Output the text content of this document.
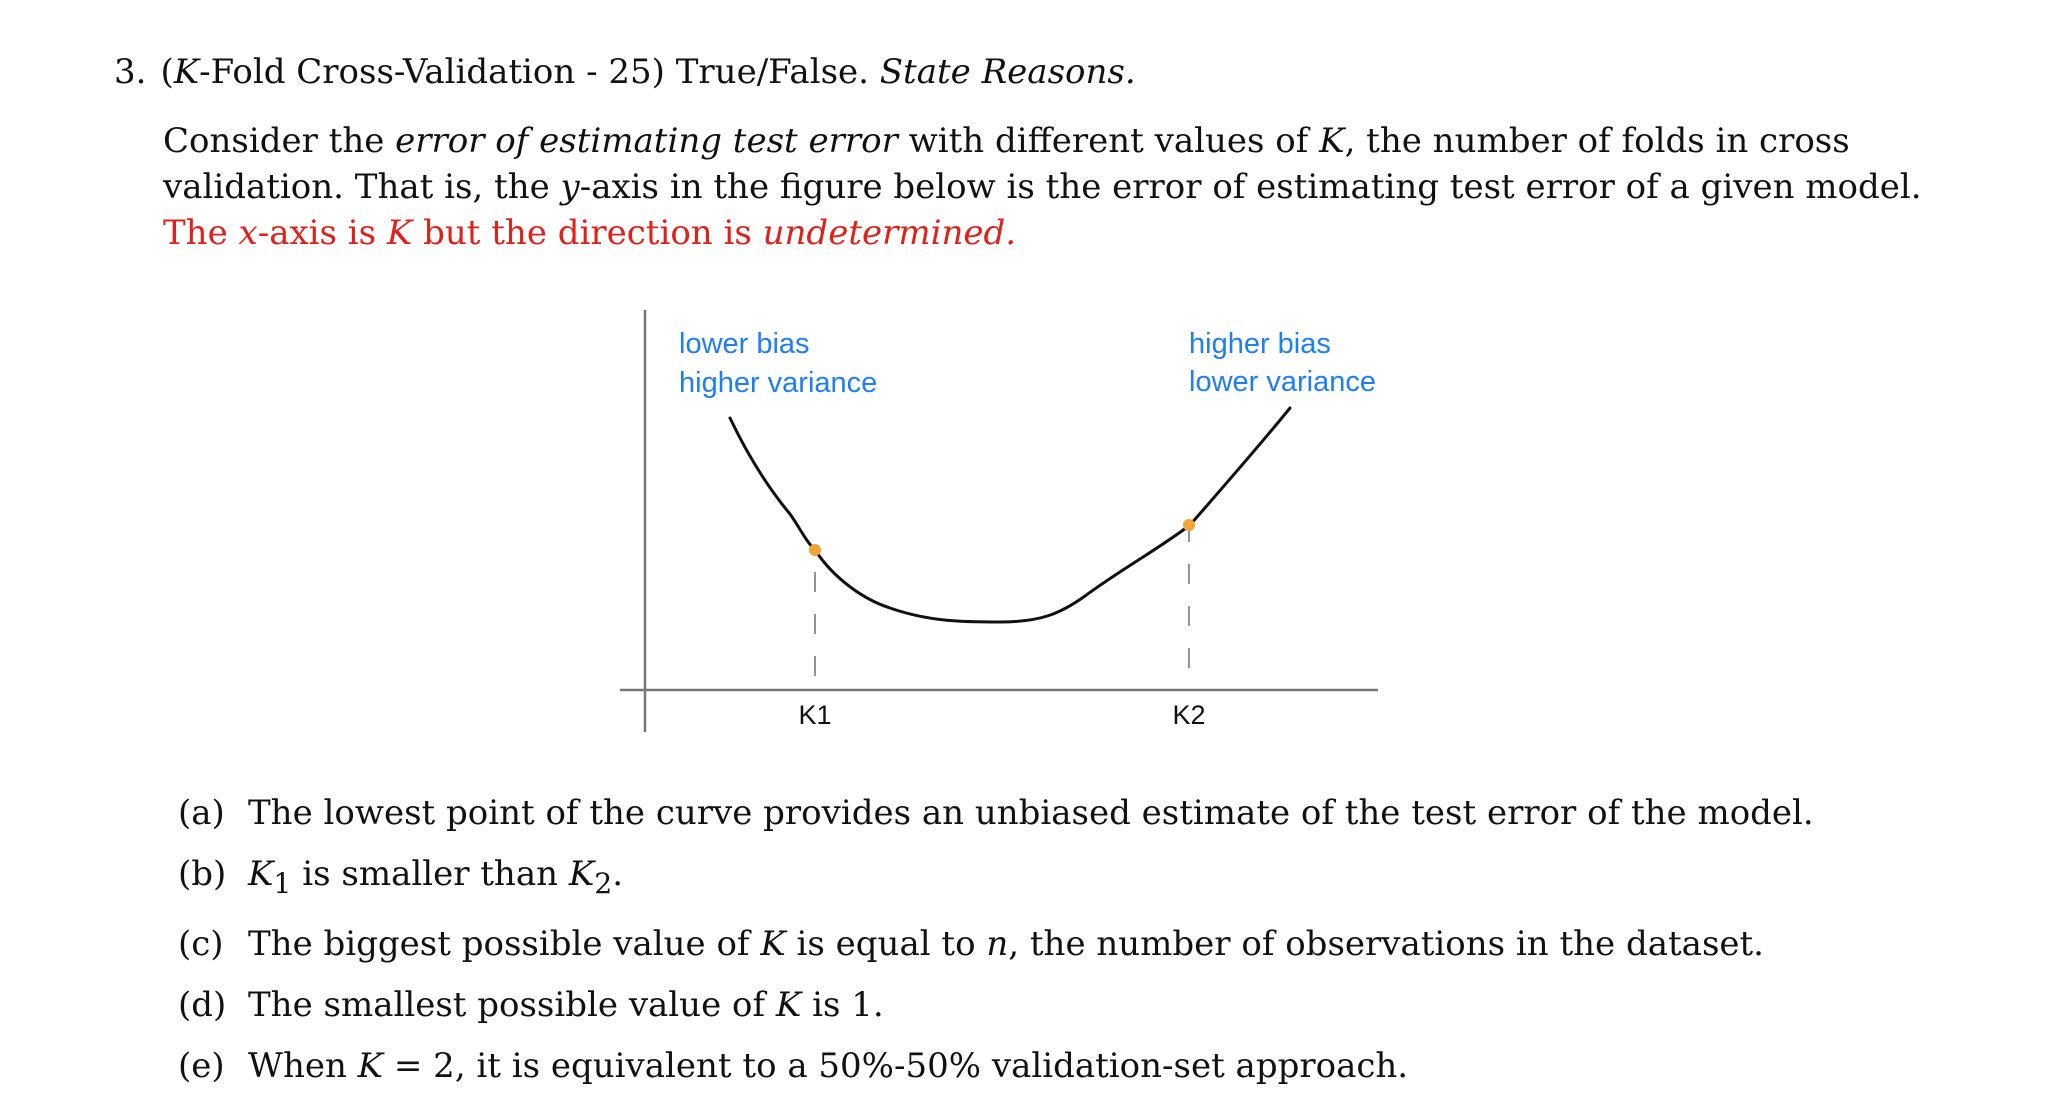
3. (K-Fold Cross-Validation - 25) True/False. State Reasons.

Consider the error of estimating test error with different values of K, the number of folds in cross

validation. That is, the y-axis in the figure below is the error of estimating test error of a given model.

The x-axis is K but the direction is undetermined.

lower bias
higher variance
higher bias
lower variance
K1	K2
(a) The lowest point of the curve provides an unbiased estimate of the test error of the model.
(b) $K_1$ is smaller than $K_2$.
(c) The biggest possible value of K is equal to n, the number of observations in the dataset.
(d) The smallest possible value of K is 1.
(e) When K = 2, it is equivalent to a 50%-50% validation-set approach.
